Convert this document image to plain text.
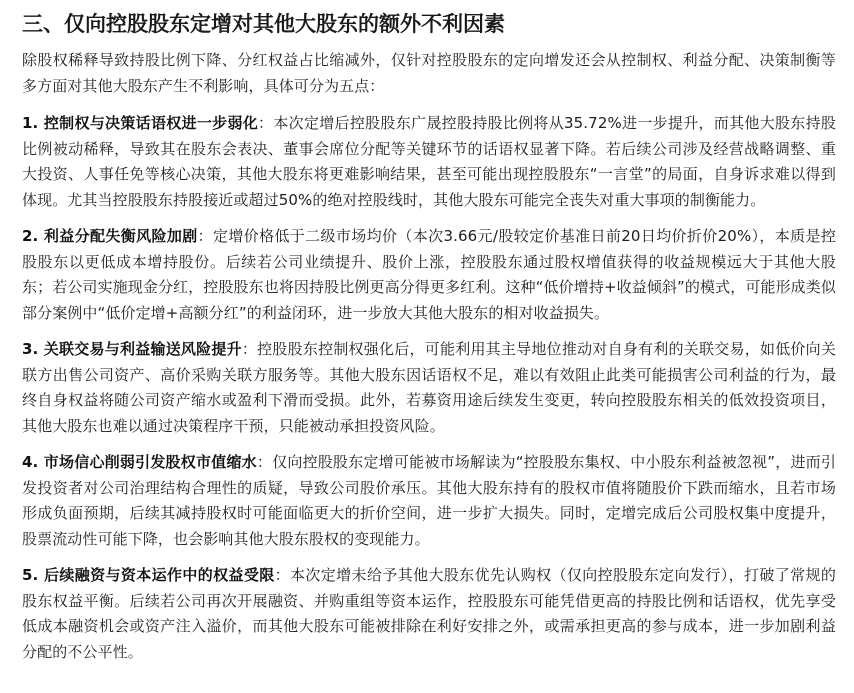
三、仅向控股股东定增对其他大股东的额外不利因素

除股权稀释导致持股比例下降、分红权益占比缩减外，仅针对控股股东的定向增发还会从控制权、利益分配、决策制衡等多方面对其他大股东产生不利影响，具体可分为五点：

1. 控制权与决策话语权进一步弱化：本次定增后控股股东广晟控股持股比例将从35.72%进一步提升，而其他大股东持股比例被动稀释，导致其在股东会表决、董事会席位分配等关键环节的话语权显著下降。若后续公司涉及经营战略调整、重大投资、人事任免等核心决策，其他大股东将更难影响结果，甚至可能出现控股股东“一言堂”的局面，自身诉求难以得到体现。尤其当控股股东持股接近或超过50%的绝对控股线时，其他大股东可能完全丧失对重大事项的制衡能力。

2. 利益分配失衡风险加剧：定增价格低于二级市场均价（本次3.66元/股较定价基准日前20日均价折价20%），本质是控股股东以更低成本增持股份。后续若公司业绩提升、股价上涨，控股股东通过股权增值获得的收益规模远大于其他大股东；若公司实施现金分红，控股股东也将因持股比例更高分得更多红利。这种“低价增持+收益倾斜”的模式，可能形成类似部分案例中“低价定增+高额分红”的利益闭环，进一步放大其他大股东的相对收益损失。

3. 关联交易与利益输送风险提升：控股股东控制权强化后，可能利用其主导地位推动对自身有利的关联交易，如低价向关联方出售公司资产、高价采购关联方服务等。其他大股东因话语权不足，难以有效阻止此类可能损害公司利益的行为，最终自身权益将随公司资产缩水或盈利下滑而受损。此外，若募资用途后续发生变更，转向控股股东相关的低效投资项目，其他大股东也难以通过决策程序干预，只能被动承担投资风险。

4. 市场信心削弱引发股权市值缩水：仅向控股股东定增可能被市场解读为“控股股东集权、中小股东利益被忽视”，进而引发投资者对公司治理结构合理性的质疑，导致公司股价承压。其他大股东持有的股权市值将随股价下跌而缩水，且若市场形成负面预期，后续其减持股权时可能面临更大的折价空间，进一步扩大损失。同时，定增完成后公司股权集中度提升，股票流动性可能下降，也会影响其他大股东股权的变现能力。

5. 后续融资与资本运作中的权益受限：本次定增未给予其他大股东优先认购权（仅向控股股东定向发行），打破了常规的股东权益平衡。后续若公司再次开展融资、并购重组等资本运作，控股股东可能凭借更高的持股比例和话语权，优先享受低成本融资机会或资产注入溢价，而其他大股东可能被排除在利好安排之外，或需承担更高的参与成本，进一步加剧利益分配的不公平性。
